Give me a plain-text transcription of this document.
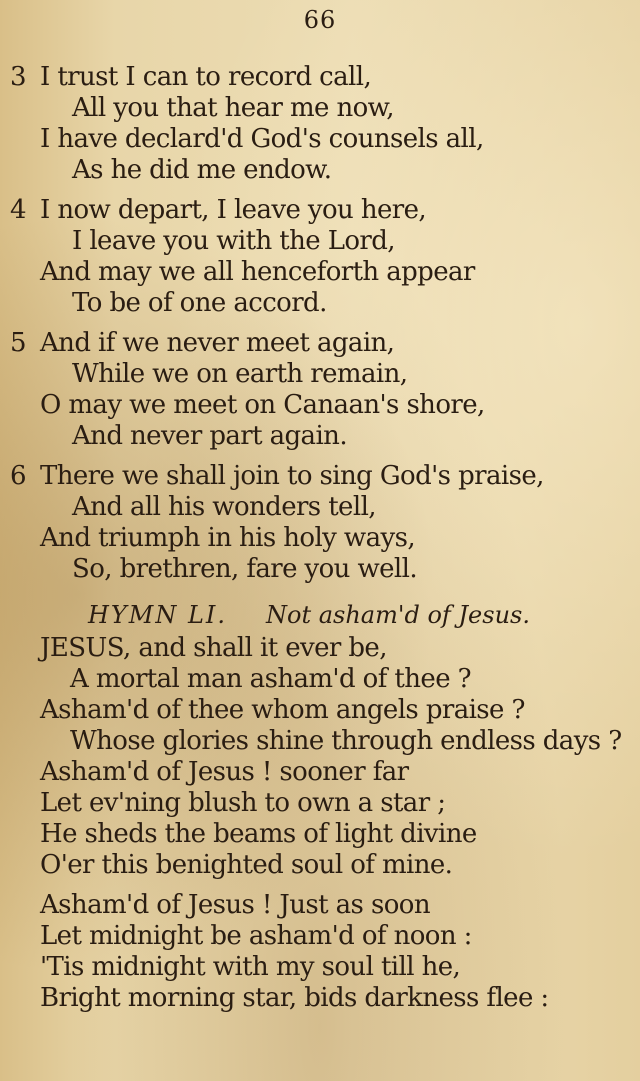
66
3 I trust I can to record call,
All you that hear me now,
I have declard'd God's counsels all,
As he did me endow.
4 I now depart, I leave you here,
I leave you with the Lord,
And may we all henceforth appear
To be of one accord.
5 And if we never meet again,
While we on earth remain,
O may we meet on Canaan's shore,
And never part again.
6 There we shall join to sing God's praise,
And all his wonders tell,
And triumph in his holy ways,
So, brethren, fare you well.
HYMN LI. Not asham'd of Jesus.
JESUS, and shall it ever be,
A mortal man asham'd of thee ?
Asham'd of thee whom angels praise ?
Whose glories shine through endless days ?
Asham'd of Jesus ! sooner far
Let ev'ning blush to own a star ;
He sheds the beams of light divine
O'er this benighted soul of mine.
Asham'd of Jesus ! Just as soon
Let midnight be asham'd of noon :
'Tis midnight with my soul till he,
Bright morning star, bids darkness flee :
